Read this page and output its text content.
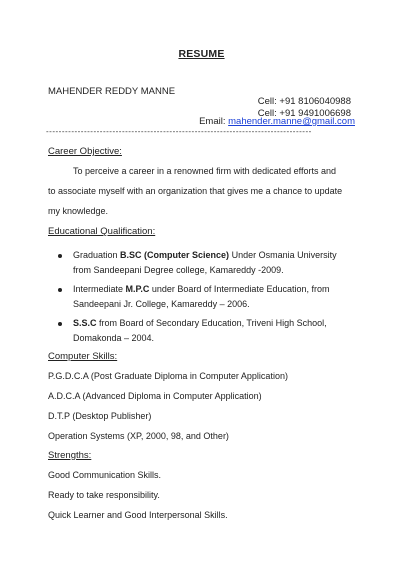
RESUME
MAHENDER REDDY MANNE
Cell: +91 8106040988
Cell: +91 9491006698
Email: mahender.manne@gmail.com
------------------------------------------------------------------------------------
Career Objective:
To perceive a career in a renowned firm with dedicated efforts and
to associate myself with an organization that gives me a chance to update
my knowledge.
Educational Qualification:
Graduation B.SC (Computer Science) Under Osmania University
from Sandeepani Degree college, Kamareddy -2009.
Intermediate M.P.C under Board of Intermediate Education, from
Sandeepani Jr. College, Kamareddy – 2006.
S.S.C from Board of Secondary Education, Triveni High School,
Domakonda – 2004.
Computer Skills:
P.G.D.C.A (Post Graduate Diploma in Computer Application)
A.D.C.A (Advanced Diploma in Computer Application)
D.T.P (Desktop Publisher)
Operation Systems (XP, 2000, 98, and Other)
Strengths:
Good Communication Skills.
Ready to take responsibility.
Quick Learner and Good Interpersonal Skills.
